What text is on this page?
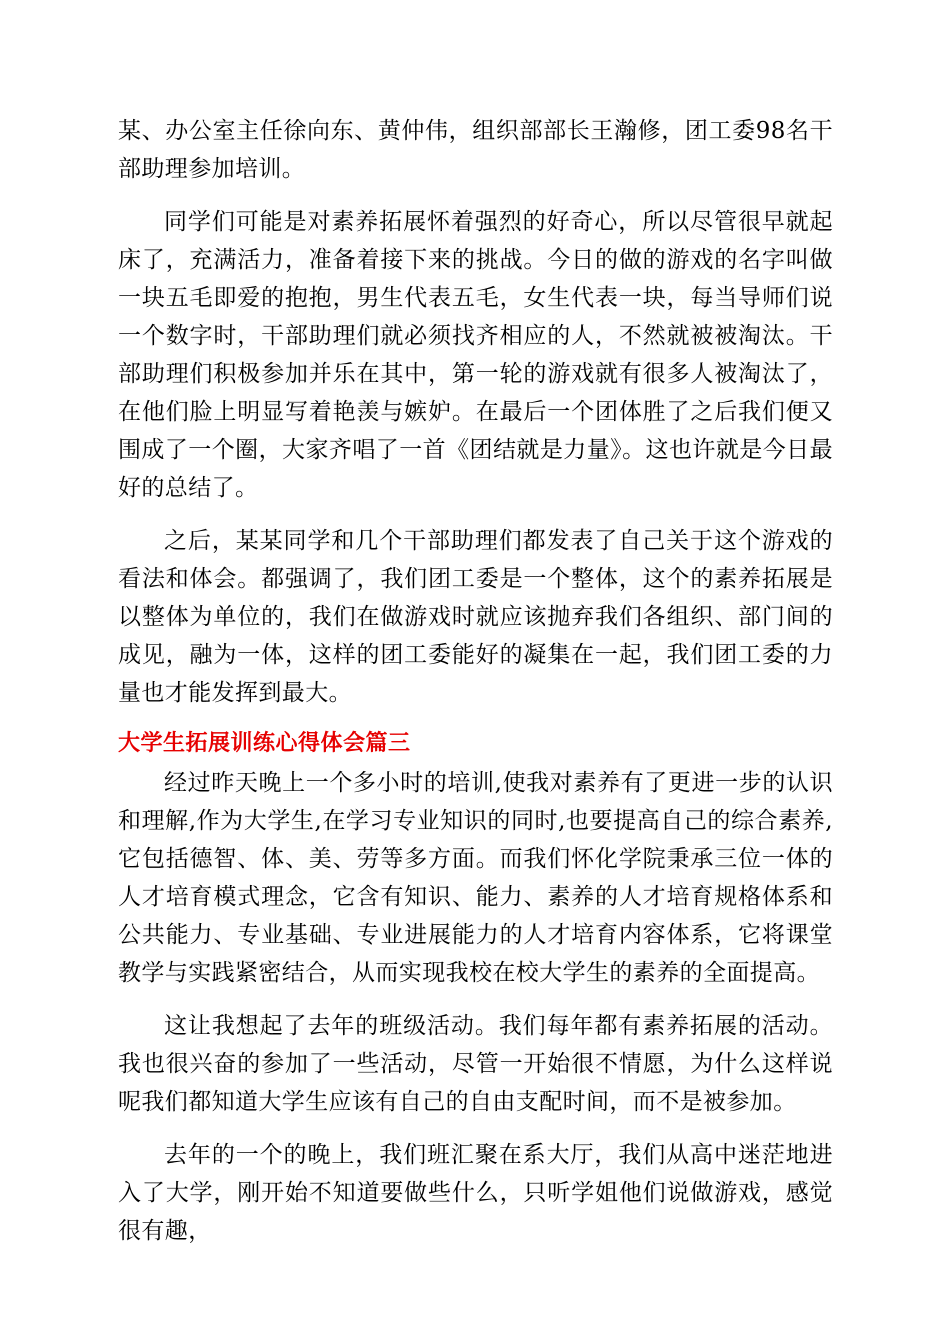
某、办公室主任徐向东、黄仲伟，组织部部长王瀚修，团工委98名干部助理参加培训。

同学们可能是对素养拓展怀着强烈的好奇心，所以尽管很早就起床了，充满活力，准备着接下来的挑战。今日的做的游戏的名字叫做一块五毛即爱的抱抱，男生代表五毛，女生代表一块，每当导师们说一个数字时，干部助理们就必须找齐相应的人，不然就被被淘汰。干部助理们积极参加并乐在其中，第一轮的游戏就有很多人被淘汰了，在他们脸上明显写着艳羡与嫉妒。在最后一个团体胜了之后我们便又围成了一个圈，大家齐唱了一首《团结就是力量》。这也许就是今日最好的总结了。

之后，某某同学和几个干部助理们都发表了自己关于这个游戏的看法和体会。都强调了，我们团工委是一个整体，这个的素养拓展是以整体为单位的，我们在做游戏时就应该抛弃我们各组织、部门间的成见，融为一体，这样的团工委能好的凝集在一起，我们团工委的力量也才能发挥到最大。

大学生拓展训练心得体会篇三

经过昨天晚上一个多小时的培训,使我对素养有了更进一步的认识和理解,作为大学生,在学习专业知识的同时,也要提高自己的综合素养,它包括德智、体、美、劳等多方面。而我们怀化学院秉承三位一体的人才培育模式理念，它含有知识、能力、素养的人才培育规格体系和公共能力、专业基础、专业进展能力的人才培育内容体系，它将课堂教学与实践紧密结合，从而实现我校在校大学生的素养的全面提高。

这让我想起了去年的班级活动。我们每年都有素养拓展的活动。我也很兴奋的参加了一些活动，尽管一开始很不情愿，为什么这样说呢我们都知道大学生应该有自己的自由支配时间，而不是被参加。

去年的一个的晚上，我们班汇聚在系大厅，我们从高中迷茫地进入了大学，刚开始不知道要做些什么，只听学姐他们说做游戏，感觉很有趣，
